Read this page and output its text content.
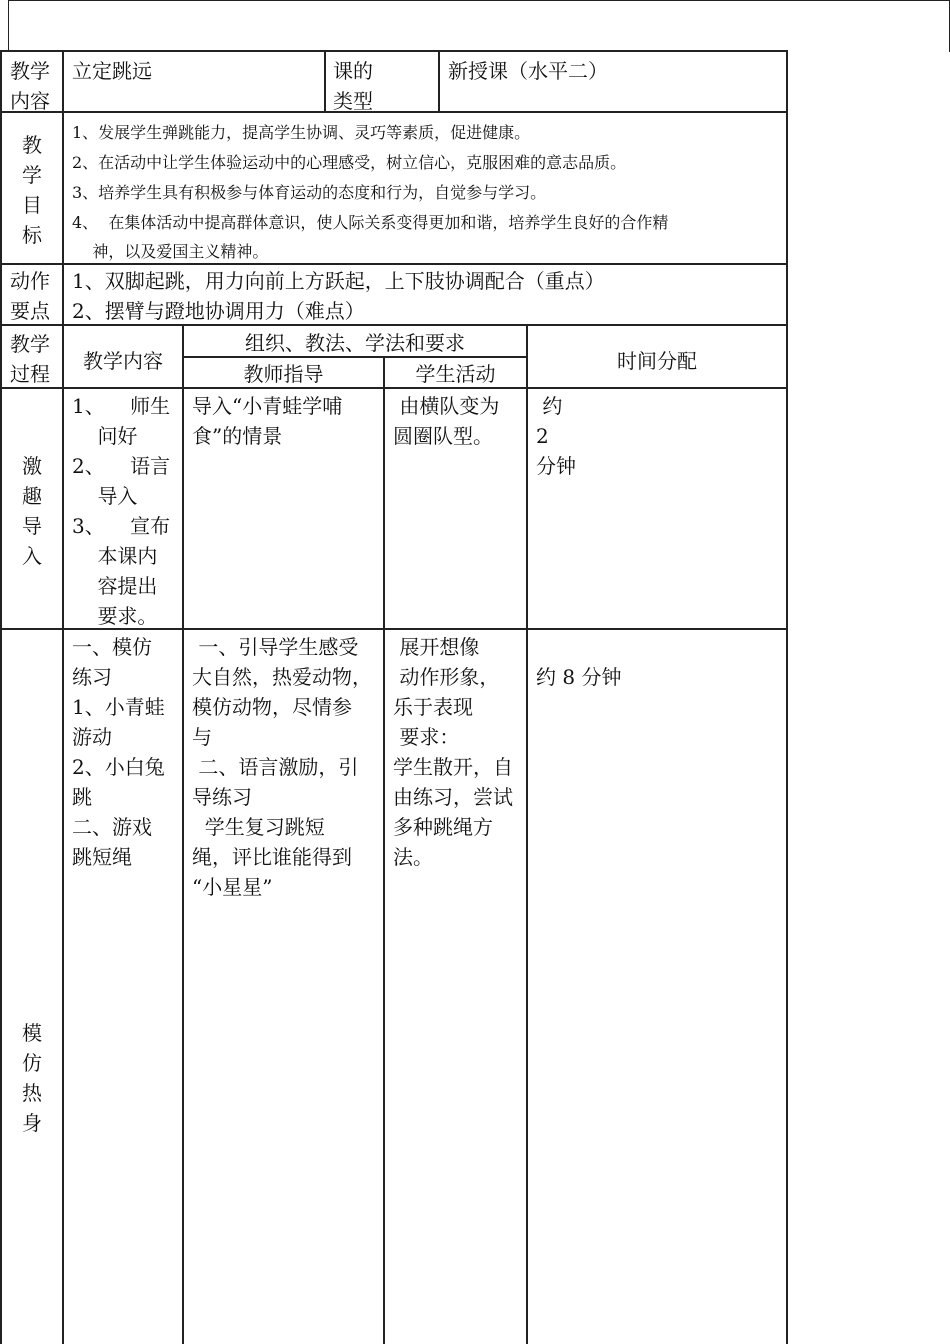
教学
内容
立定跳远	课的
类型
新授课（水平二）
教
学
目
标
1、发展学生弹跳能力，提高学生协调、灵巧等素质，促进健康。
2、在活动中让学生体验运动中的心理感受，树立信心，克服困难的意志品质。
3、培养学生具有积极参与体育运动的态度和行为，自觉参与学习。
4、  在集体活动中提高群体意识，使人际关系变得更加和谐，培养学生良好的合作精
神，以及爱国主义精神。
动作
要点
1、双脚起跳，用力向前上方跃起，上下肢协调配合（重点）
2、摆臂与蹬地协调用力（难点）
教学
过程
教学内容
组织、教法、学法和要求
教师指导	学生活动
时间分配
激
趣
导
入
1、    师生
问好
2、    语言
导入
3、    宣布
本课内
容提出
要求。
导入“小青蛙学哺
食”的情景
由横队变为
圆圈队型。
约
2
分钟
模
仿
热
身
一、模仿
练习
1、小青蛙
游动
2、小白兔
跳
二、游戏
跳短绳
一、引导学生感受
大自然，热爱动物，
模仿动物，尽情参
与
二、语言激励，引
导练习
学生复习跳短
绳，评比谁能得到
“小星星”
展开想像
动作形象，
乐于表现
要求：
学生散开，自
由练习，尝试
多种跳绳方
法。
约 8 分钟
